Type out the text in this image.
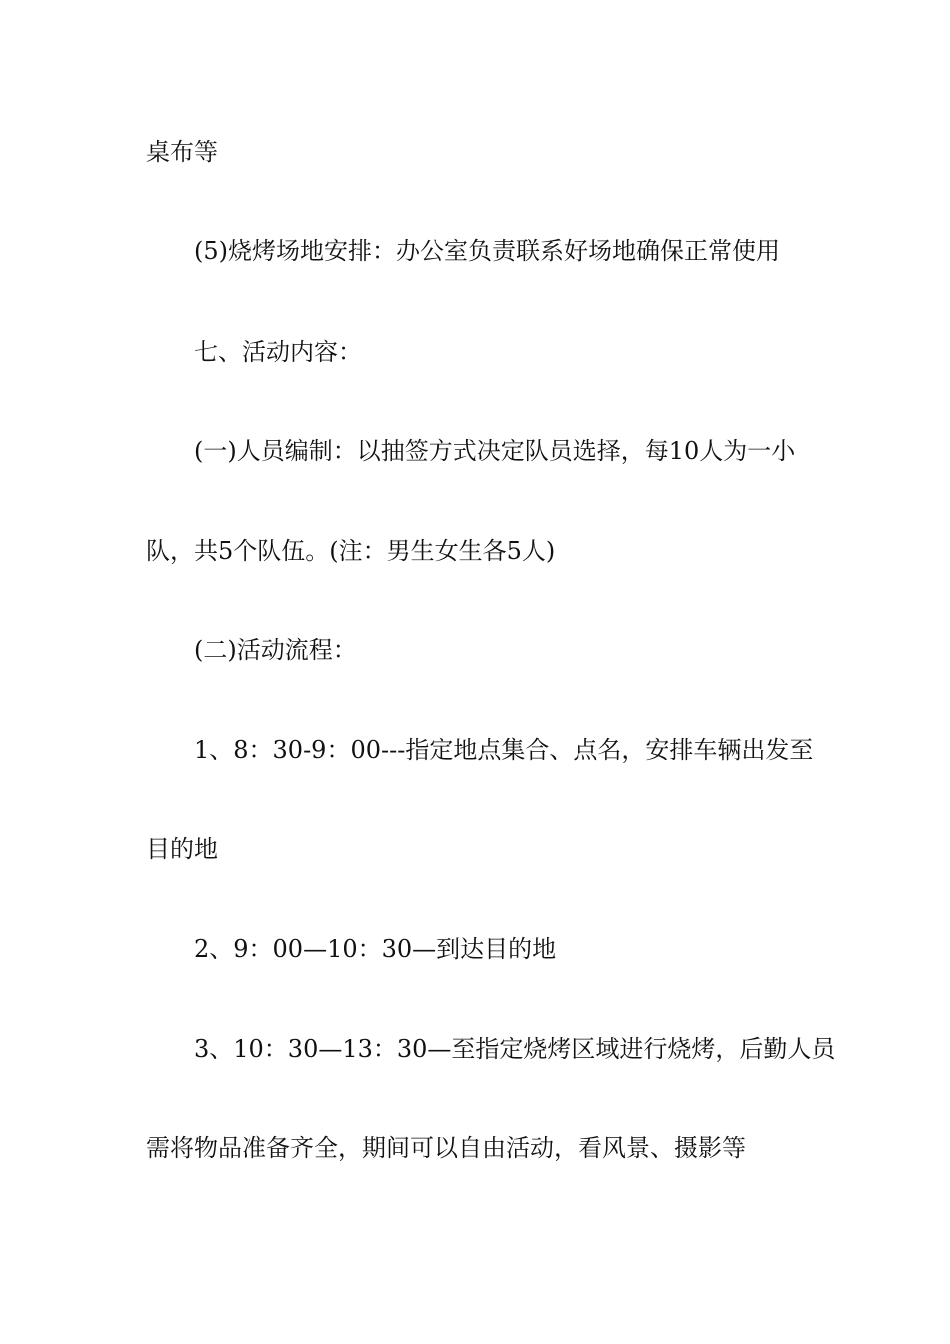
桌布等
(5)烧烤场地安排：办公室负责联系好场地确保正常使用
七、活动内容：
(一)人员编制：以抽签方式决定队员选择，每10人为一小
队，共5个队伍。(注：男生女生各5人)
(二)活动流程：
1、8：30-9：00---指定地点集合、点名，安排车辆出发至
目的地
2、9：00—10：30—到达目的地
3、10：30—13：30—至指定烧烤区域进行烧烤，后勤人员
需将物品准备齐全，期间可以自由活动，看风景、摄影等
